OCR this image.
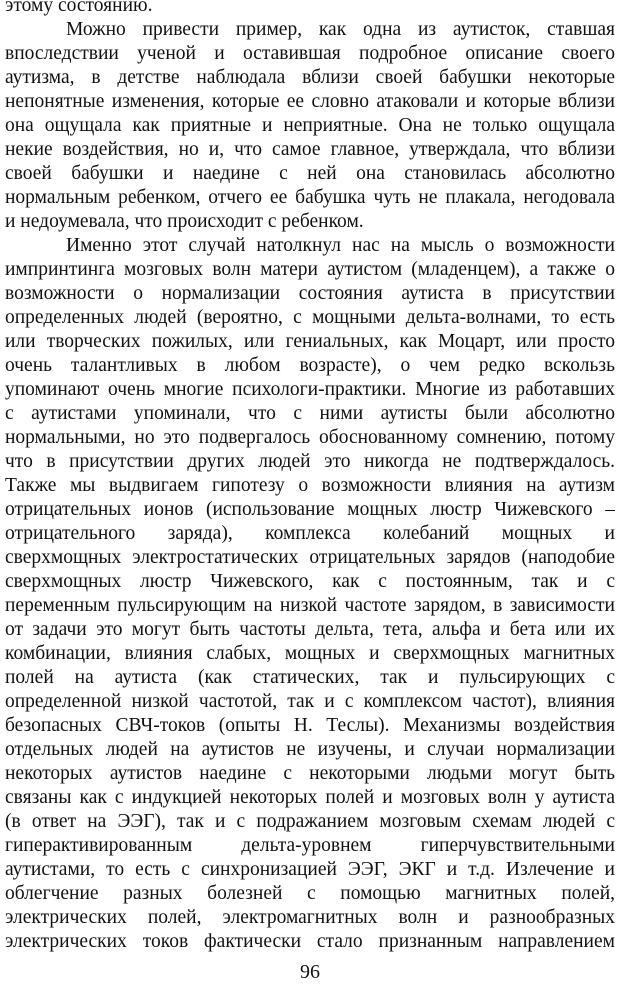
этому состоянию.
Можно привести пример, как одна из аутисток, ставшая
впоследствии ученой и оставившая подробное описание своего
аутизма, в детстве наблюдала вблизи своей бабушки некоторые
непонятные изменения, которые ее словно атаковали и которые вблизи
она ощущала как приятные и неприятные. Она не только ощущала
некие воздействия, но и, что самое главное, утверждала, что вблизи
своей бабушки и наедине с ней она становилась абсолютно
нормальным ребенком, отчего ее бабушка чуть не плакала, негодовала
и недоумевала, что происходит с ребенком.
Именно этот случай натолкнул нас на мысль о возможности
импринтинга мозговых волн матери аутистом (младенцем), а также о
возможности о нормализации состояния аутиста в присутствии
определенных людей (вероятно, с мощными дельта-волнами, то есть
или творческих пожилых, или гениальных, как Моцарт, или просто
очень талантливых в любом возрасте), о чем редко вскользь
упоминают очень многие психологи-практики. Многие из работавших
с аутистами упоминали, что с ними аутисты были абсолютно
нормальными, но это подвергалось обоснованному сомнению, потому
что в присутствии других людей это никогда не подтверждалось.
Также мы выдвигаем гипотезу о возможности влияния на аутизм
отрицательных ионов (использование мощных люстр Чижевского –
отрицательного заряда), комплекса колебаний мощных и
сверхмощных электростатических отрицательных зарядов (наподобие
сверхмощных люстр Чижевского, как с постоянным, так и с
переменным пульсирующим на низкой частоте зарядом, в зависимости
от задачи это могут быть частоты дельта, тета, альфа и бета или их
комбинации, влияния слабых, мощных и сверхмощных магнитных
полей на аутиста (как статических, так и пульсирующих с
определенной низкой частотой, так и с комплексом частот), влияния
безопасных СВЧ-токов (опыты Н. Теслы). Механизмы воздействия
отдельных людей на аутистов не изучены, и случаи нормализации
некоторых аутистов наедине с некоторыми людьми могут быть
связаны как с индукцией некоторых полей и мозговых волн у аутиста
(в ответ на ЭЭГ), так и с подражанием мозговым схемам людей с
гиперактивированным дельта-уровнем гиперчувствительными
аутистами, то есть с синхронизацией ЭЭГ, ЭКГ и т.д. Излечение и
облегчение разных болезней с помощью магнитных полей,
электрических полей, электромагнитных волн и разнообразных
электрических токов фактически стало признанным направлением
96
